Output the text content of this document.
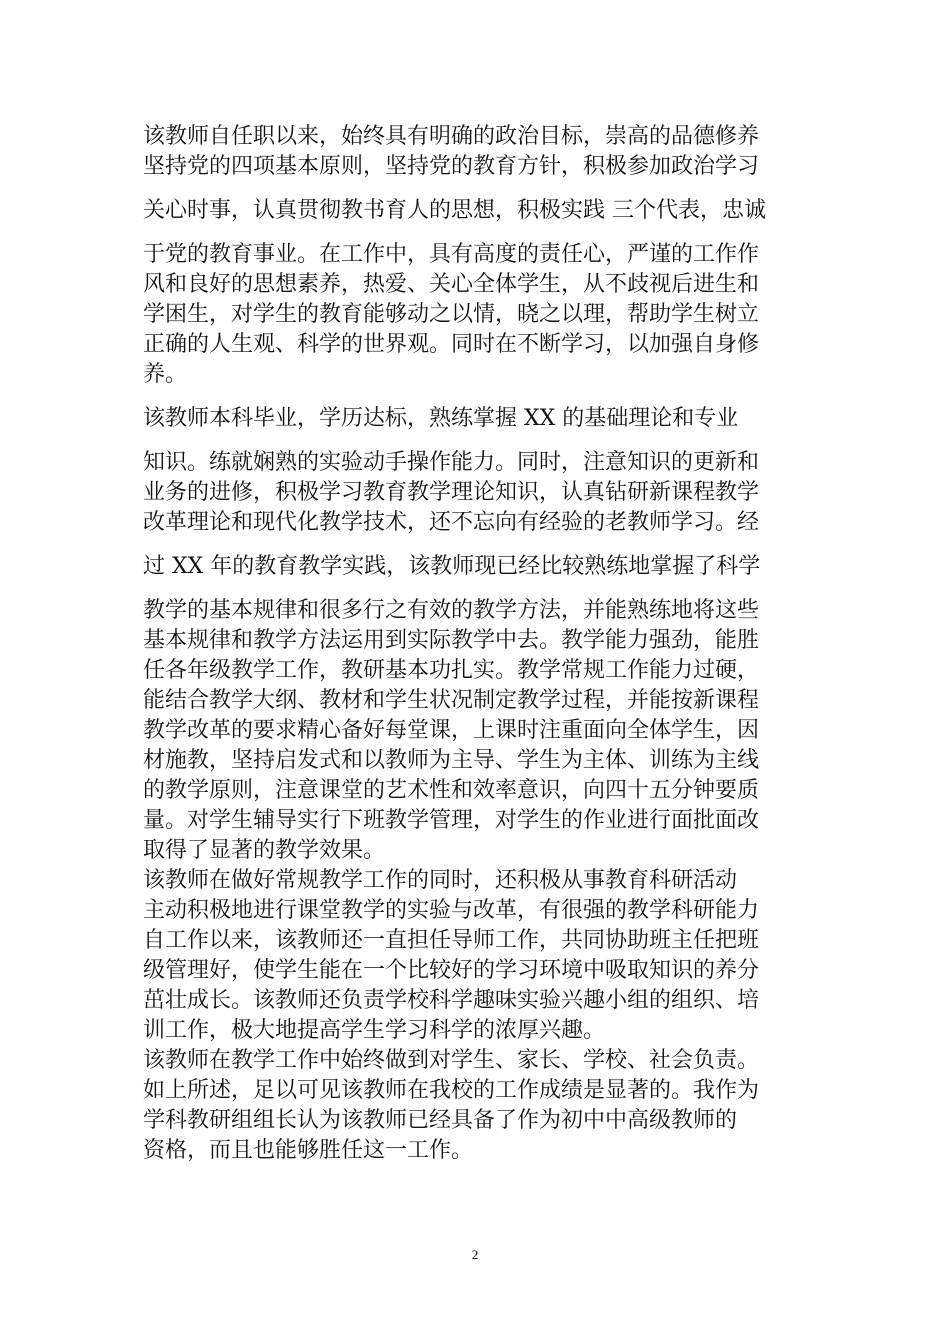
该教师自任职以来，始终具有明确的政治目标，崇高的品德修养

坚持党的四项基本原则，坚持党的教育方针，积极参加政治学习

关心时事，认真贯彻教书育人的思想，积极实践 三个代表，忠诚

于党的教育事业。在工作中，具有高度的责任心，严谨的工作作

风和良好的思想素养，热爱、关心全体学生，从不歧视后进生和

学困生，对学生的教育能够动之以情，晓之以理，帮助学生树立

正确的人生观、科学的世界观。同时在不断学习，以加强自身修

养。

该教师本科毕业，学历达标，熟练掌握 XX 的基础理论和专业

知识。练就娴熟的实验动手操作能力。同时，注意知识的更新和

业务的进修，积极学习教育教学理论知识，认真钻研新课程教学

改革理论和现代化教学技术，还不忘向有经验的老教师学习。经

过 XX 年的教育教学实践，该教师现已经比较熟练地掌握了科学

教学的基本规律和很多行之有效的教学方法，并能熟练地将这些

基本规律和教学方法运用到实际教学中去。教学能力强劲，能胜

任各年级教学工作，教研基本功扎实。教学常规工作能力过硬，

能结合教学大纲、教材和学生状况制定教学过程，并能按新课程

教学改革的要求精心备好每堂课，上课时注重面向全体学生，因

材施教，坚持启发式和以教师为主导、学生为主体、训练为主线

的教学原则，注意课堂的艺术性和效率意识，向四十五分钟要质

量。对学生辅导实行下班教学管理，对学生的作业进行面批面改

取得了显著的教学效果。

该教师在做好常规教学工作的同时，还积极从事教育科研活动

主动积极地进行课堂教学的实验与改革，有很强的教学科研能力

自工作以来，该教师还一直担任导师工作，共同协助班主任把班

级管理好，使学生能在一个比较好的学习环境中吸取知识的养分

茁壮成长。该教师还负责学校科学趣味实验兴趣小组的组织、培

训工作，极大地提高学生学习科学的浓厚兴趣。

该教师在教学工作中始终做到对学生、家长、学校、社会负责。

如上所述，足以可见该教师在我校的工作成绩是显著的。我作为

学科教研组组长认为该教师已经具备了作为初中中高级教师的

资格，而且也能够胜任这一工作。

2
